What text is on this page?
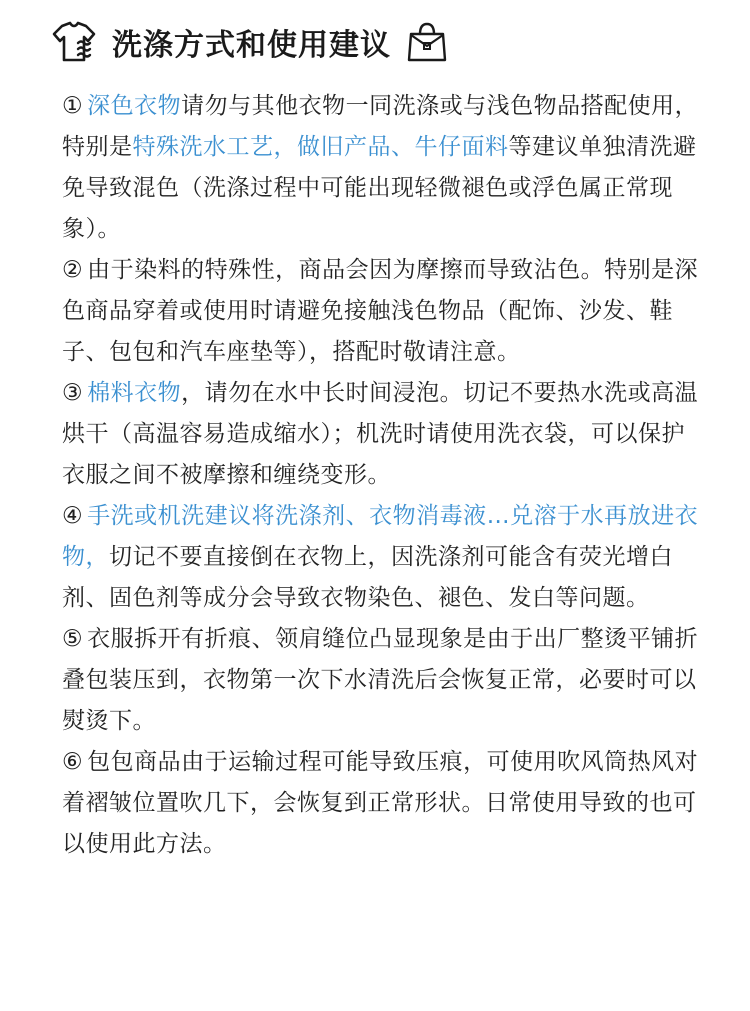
洗涤方式和使用建议
① 深色衣物请勿与其他衣物一同洗涤或与浅色物品搭配使用，特别是特殊洗水工艺，做旧产品、牛仔面料等建议单独清洗避免导致混色（洗涤过程中可能出现轻微褪色或浮色属正常现象）。
② 由于染料的特殊性，商品会因为摩擦而导致沾色。特别是深色商品穿着或使用时请避免接触浅色物品（配饰、沙发、鞋子、包包和汽车座垫等），搭配时敬请注意。
③ 棉料衣物，请勿在水中长时间浸泡。切记不要热水洗或高温烘干（高温容易造成缩水）；机洗时请使用洗衣袋，可以保护衣服之间不被摩擦和缠绕变形。
④ 手洗或机洗建议将洗涤剂、衣物消毒液…兑溶于水再放进衣物，切记不要直接倒在衣物上，因洗涤剂可能含有荧光增白剂、固色剂等成分会导致衣物染色、褪色、发白等问题。
⑤ 衣服拆开有折痕、领肩缝位凸显现象是由于出厂整烫平铺折叠包装压到，衣物第一次下水清洗后会恢复正常，必要时可以熨烫下。
⑥ 包包商品由于运输过程可能导致压痕，可使用吹风筒热风对着褶皱位置吹几下，会恢复到正常形状。日常使用导致的也可以使用此方法。
